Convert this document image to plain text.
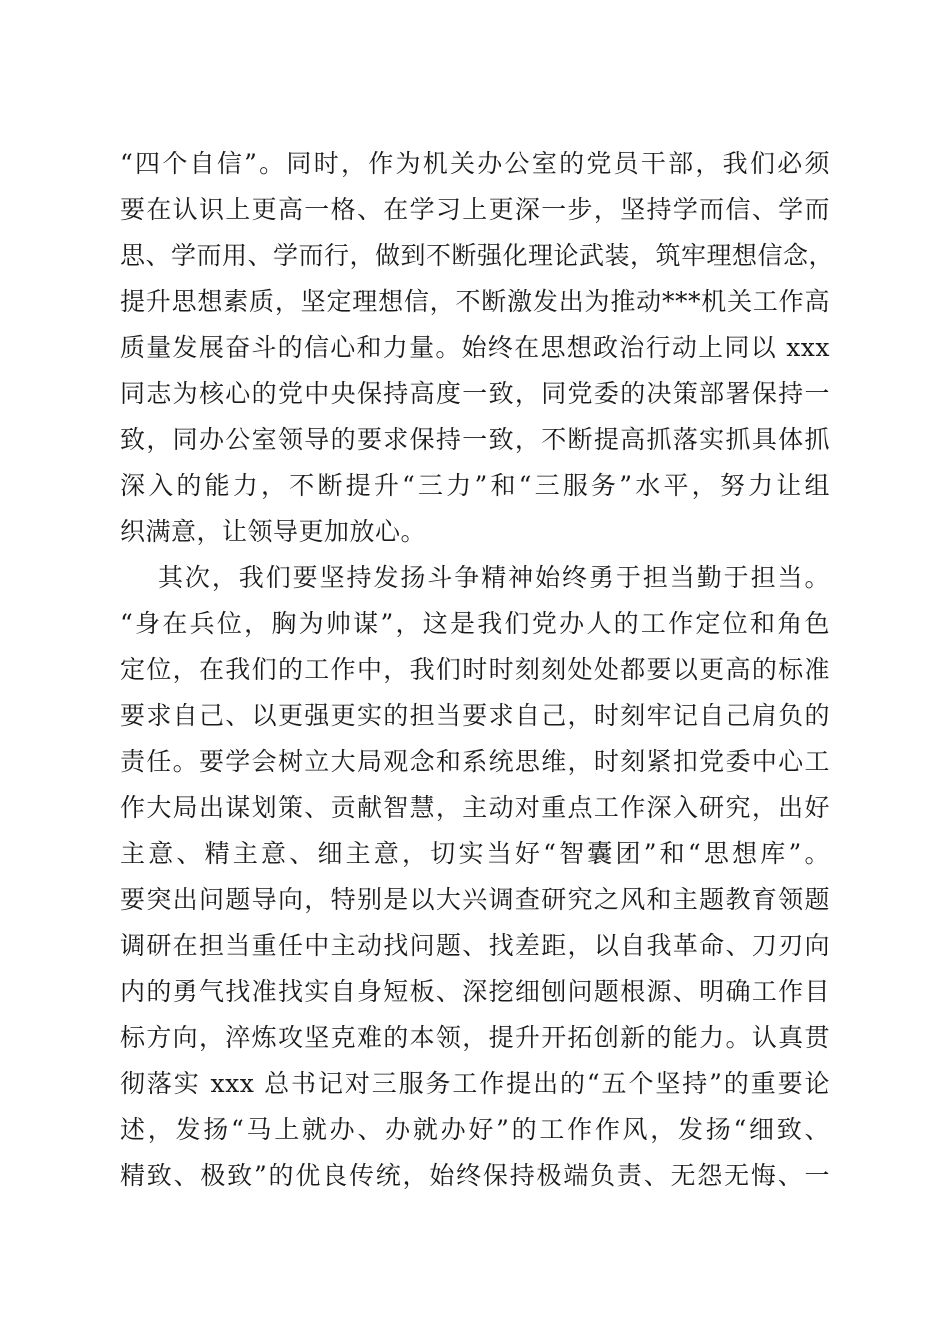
“四个自信”。同时，作为机关办公室的党员干部，我们必须
要在认识上更高一格、在学习上更深一步，坚持学而信、学而
思、学而用、学而行，做到不断强化理论武装，筑牢理想信念，
提升思想素质，坚定理想信，不断激发出为推动***机关工作高
质量发展奋斗的信心和力量。始终在思想政治行动上同以 xxx
同志为核心的党中央保持高度一致，同党委的决策部署保持一
致，同办公室领导的要求保持一致，不断提高抓落实抓具体抓
深入的能力，不断提升“三力”和“三服务”水平，努力让组
织满意，让领导更加放心。
其次，我们要坚持发扬斗争精神始终勇于担当勤于担当。
“身在兵位，胸为帅谋”，这是我们党办人的工作定位和角色
定位，在我们的工作中，我们时时刻刻处处都要以更高的标准
要求自己、以更强更实的担当要求自己，时刻牢记自己肩负的
责任。要学会树立大局观念和系统思维，时刻紧扣党委中心工
作大局出谋划策、贡献智慧，主动对重点工作深入研究，出好
主意、精主意、细主意，切实当好“智囊团”和“思想库”。
要突出问题导向，特别是以大兴调查研究之风和主题教育领题
调研在担当重任中主动找问题、找差距，以自我革命、刀刃向
内的勇气找准找实自身短板、深挖细刨问题根源、明确工作目
标方向，淬炼攻坚克难的本领，提升开拓创新的能力。认真贯
彻落实 xxx 总书记对三服务工作提出的“五个坚持”的重要论
述，发扬“马上就办、办就办好”的工作作风，发扬“细致、
精致、极致”的优良传统，始终保持极端负责、无怨无悔、一
